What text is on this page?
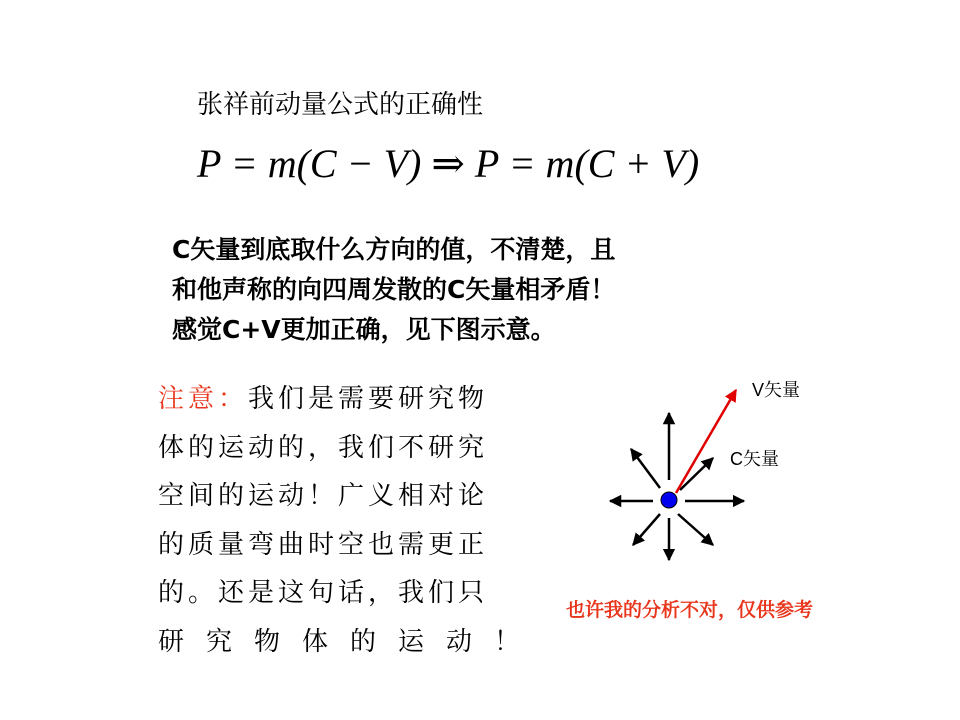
张祥前动量公式的正确性
P = m(C − V) ⇒ P = m(C + V)
C矢量到底取什么方向的值，不清楚，且
和他声称的向四周发散的C矢量相矛盾！
感觉C+V更加正确，见下图示意。
注意：我们是需要研究物
体的运动的，我们不研究
空间的运动！广义相对论
的质量弯曲时空也需更正
的。还是这句话，我们只
研究物体的运动！
V矢量
C矢量
也许我的分析不对，仅供参考
